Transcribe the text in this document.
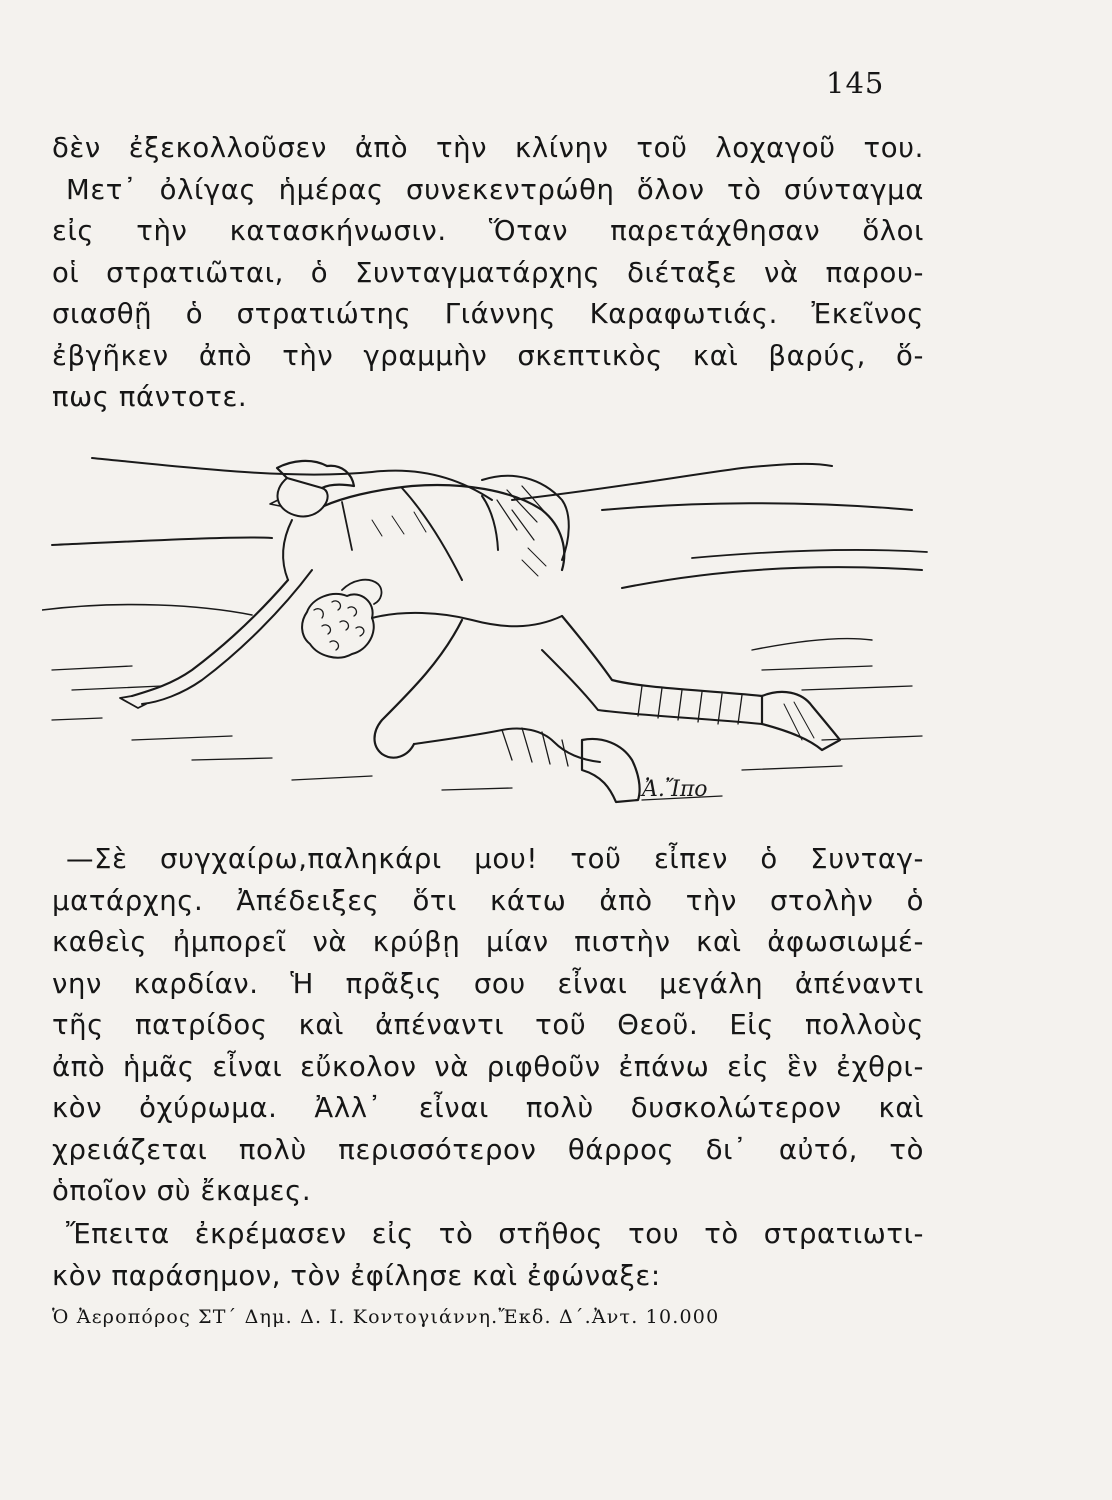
145
δὲν ἐξεκολλοῦσεν ἀπὸ τὴν κλίνην τοῦ λοχαγοῦ του.
Μετ᾽ ὀλίγας ἡμέρας συνεκεντρώθη ὅλον τὸ σύνταγμα
εἰς τὴν κατασκήνωσιν. Ὅταν παρετάχθησαν ὅλοι
οἱ στρατιῶται, ὁ Συνταγματάρχης διέταξε νὰ παρου-
σιασθῇ ὁ στρατιώτης Γιάννης Καραφωτιάς. Ἐκεῖνος
ἐβγῆκεν ἀπὸ τὴν γραμμὴν σκεπτικὸς καὶ βαρύς, ὅ-
πως πάντοτε.
Ἀ.Ἴπο
—Σὲ συγχαίρω,παληκάρι μου! τοῦ εἶπεν ὁ Συνταγ-
ματάρχης. Ἀπέδειξες ὅτι κάτω ἀπὸ τὴν στολὴν ὁ
καθεὶς ἠμπορεῖ νὰ κρύβῃ μίαν πιστὴν καὶ ἀφωσιωμέ-
νην καρδίαν. Ἡ πρᾶξις σου εἶναι μεγάλη ἀπέναντι
τῆς πατρίδος καὶ ἀπέναντι τοῦ Θεοῦ. Εἰς πολλοὺς
ἀπὸ ἡμᾶς εἶναι εὔκολον νὰ ριφθοῦν ἐπάνω εἰς ἓν ἐχθρι-
κὸν ὀχύρωμα. Ἀλλ᾽ εἶναι πολὺ δυσκολώτερον καὶ
χρειάζεται πολὺ περισσότερον θάρρος δι᾽ αὐτό, τὸ
ὁποῖον σὺ ἔκαμες.
Ἔπειτα ἐκρέμασεν εἰς τὸ στῆθος του τὸ στρατιωτι-
κὸν παράσημον, τὸν ἐφίλησε καὶ ἐφώναξε:
Ὁ Ἀεροπόρος ΣΤ΄ Δημ. Δ. Ι. Κοντογιάννη.Ἔκδ. Δ΄.Ἀντ. 10.000
